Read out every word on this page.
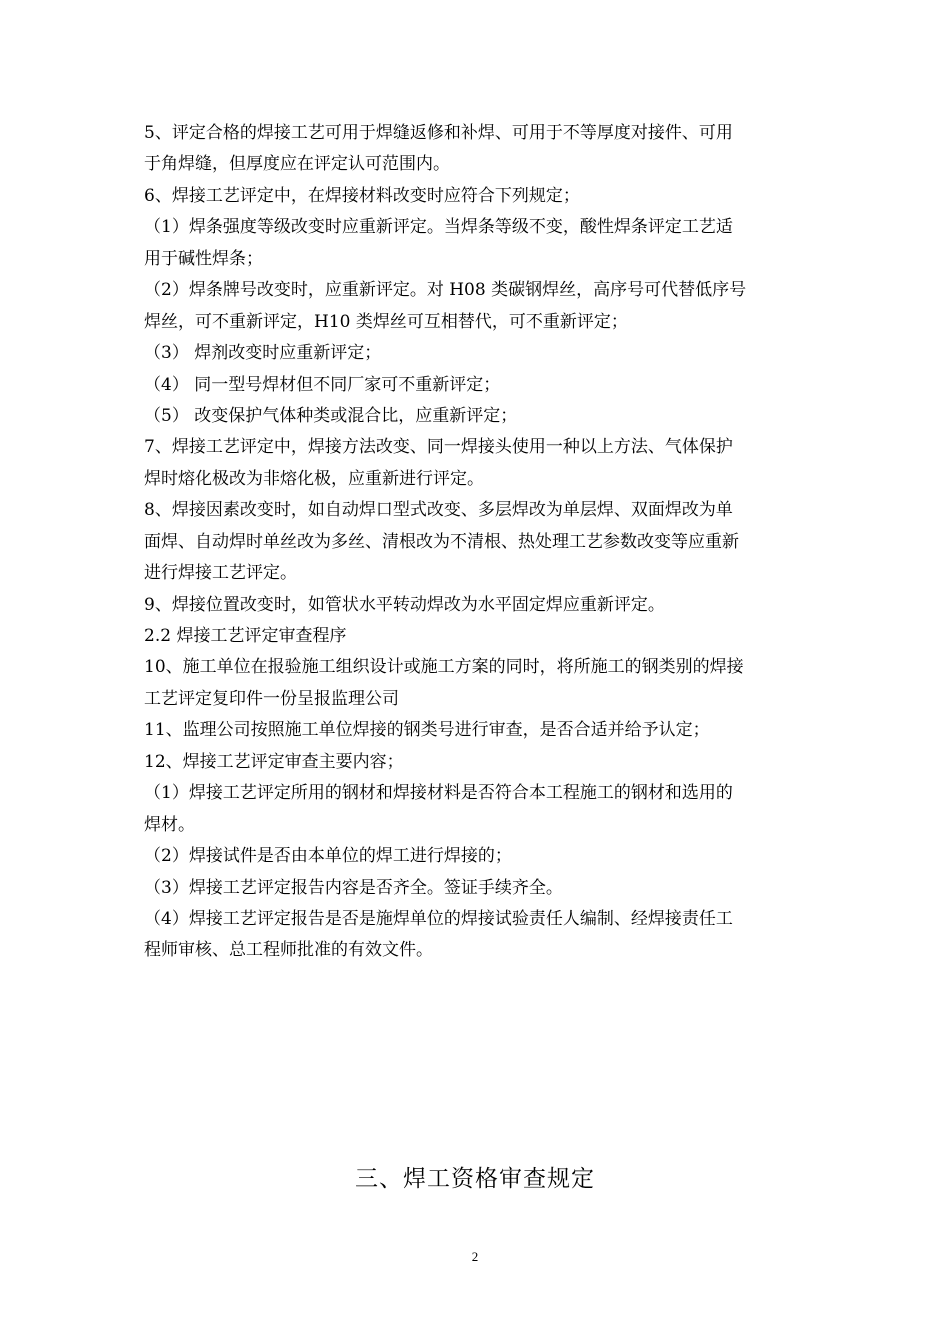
5、评定合格的焊接工艺可用于焊缝返修和补焊、可用于不等厚度对接件、可用
于角焊缝，但厚度应在评定认可范围内。
6、焊接工艺评定中，在焊接材料改变时应符合下列规定；
（1）焊条强度等级改变时应重新评定。当焊条等级不变，酸性焊条评定工艺适
用于碱性焊条；
（2）焊条牌号改变时，应重新评定。对 H08 类碳钢焊丝，高序号可代替低序号
焊丝，可不重新评定，H10 类焊丝可互相替代，可不重新评定；
（3） 焊剂改变时应重新评定；
（4） 同一型号焊材但不同厂家可不重新评定；
（5） 改变保护气体种类或混合比，应重新评定；
7、焊接工艺评定中，焊接方法改变、同一焊接头使用一种以上方法、气体保护
焊时熔化极改为非熔化极，应重新进行评定。
8、焊接因素改变时，如自动焊口型式改变、多层焊改为单层焊、双面焊改为单
面焊、自动焊时单丝改为多丝、清根改为不清根、热处理工艺参数改变等应重新
进行焊接工艺评定。
9、焊接位置改变时，如管状水平转动焊改为水平固定焊应重新评定。
2.2 焊接工艺评定审查程序
10、施工单位在报验施工组织设计或施工方案的同时，将所施工的钢类别的焊接
工艺评定复印件一份呈报监理公司
11、监理公司按照施工单位焊接的钢类号进行审查，是否合适并给予认定；
12、焊接工艺评定审查主要内容；
（1）焊接工艺评定所用的钢材和焊接材料是否符合本工程施工的钢材和选用的
焊材。
（2）焊接试件是否由本单位的焊工进行焊接的；
（3）焊接工艺评定报告内容是否齐全。签证手续齐全。
（4）焊接工艺评定报告是否是施焊单位的焊接试验责任人编制、经焊接责任工
程师审核、总工程师批准的有效文件。
三、焊工资格审查规定
2
